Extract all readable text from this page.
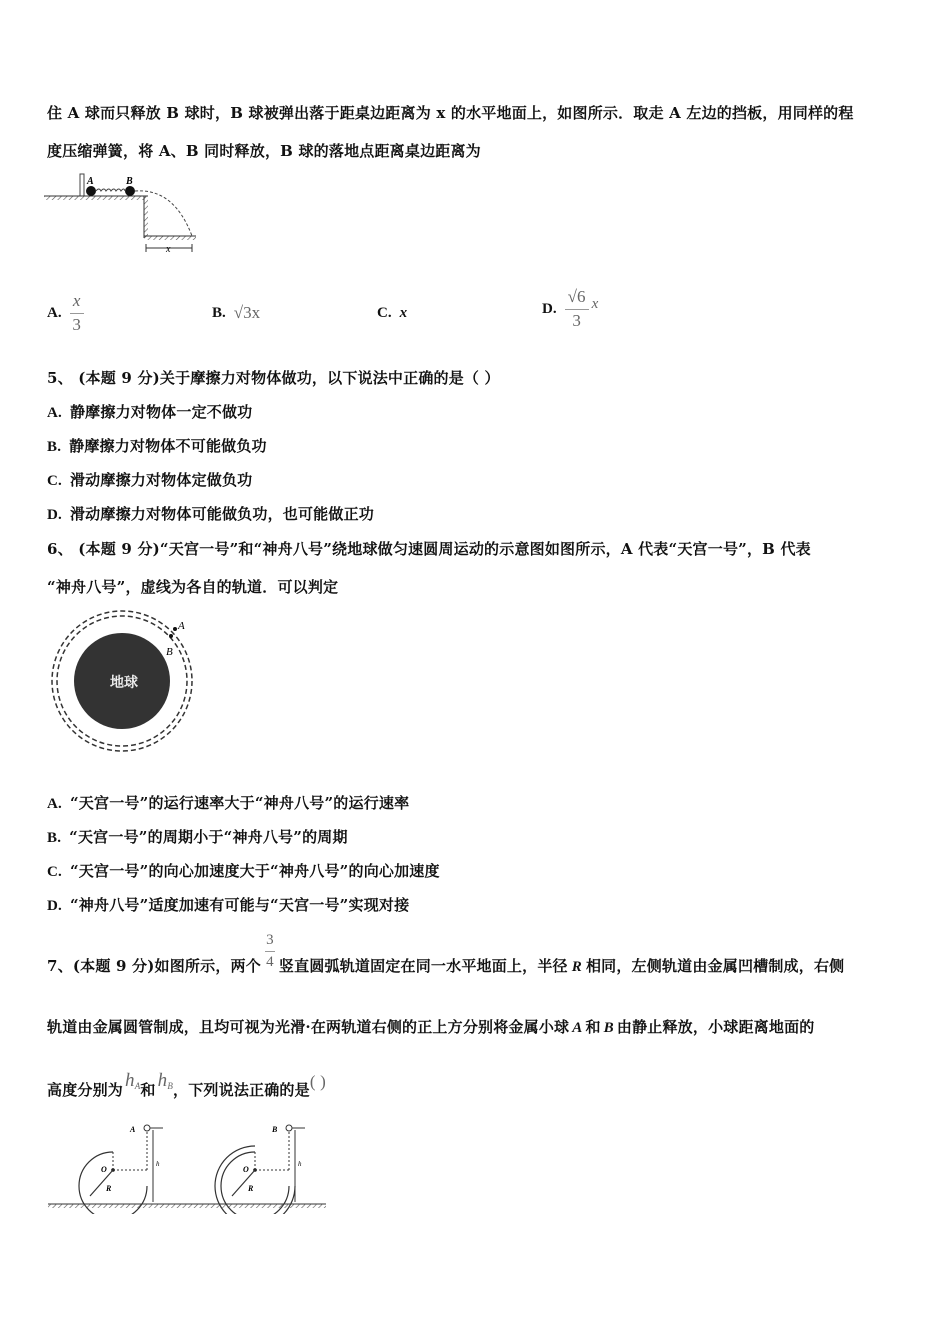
住 A 球而只释放 B 球时，B 球被弹出落于距桌边距离为 x 的水平地面上，如图所示．取走 A 左边的挡板，用同样的程
度压缩弹簧，将 A、B 同时释放，B 球的落地点距离桌边距离为
A	B
x
A. $\frac{x}{3}$	B. √3x	C. x	D. $\frac{√6}{3}$ x
5、 (本题 9 分)关于摩擦力对物体做功，以下说法中正确的是（ ）
A. 静摩擦力对物体一定不做功
B. 静摩擦力对物体不可能做负功
C. 滑动摩擦力对物体定做负功
D. 滑动摩擦力对物体可能做负功，也可能做正功
6、 (本题 9 分)“天宫一号”和“神舟八号”绕地球做匀速圆周运动的示意图如图所示，A 代表“天宫一号”，B 代表
“神舟八号”，虚线为各自的轨道．可以判定
地球
A
B
A. “天宫一号”的运行速率大于“神舟八号”的运行速率
B. “天宫一号”的周期小于“神舟八号”的周期
C. “天宫一号”的向心加速度大于“神舟八号”的向心加速度
D. “神舟八号”适度加速有可能与“天宫一号”实现对接
7、(本题 9 分)如图所示，两个 $\frac{3}{4}$ 竖直圆弧轨道固定在同一水平地面上，半径 R 相同，左侧轨道由金属凹槽制成，右侧
轨道由金属圆管制成，且均可视为光滑·在两轨道右侧的正上方分别将金属小球 A 和 B 由静止释放，小球距离地面的
高度分别为 $h_A$ 和 $h_B$ ，下列说法正确的是 ( )
A
O
R
h
B
O
R
h
